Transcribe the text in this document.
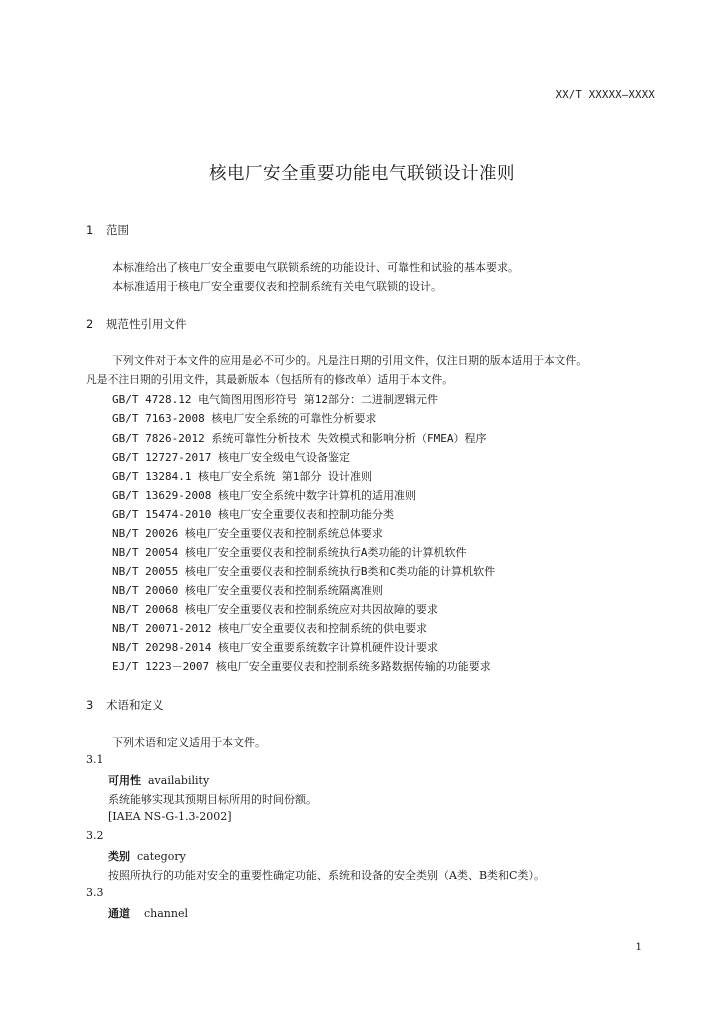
XX/T XXXXX—XXXX
核电厂安全重要功能电气联锁设计准则
1 范围
本标准给出了核电厂安全重要电气联锁系统的功能设计、可靠性和试验的基本要求。
本标准适用于核电厂安全重要仪表和控制系统有关电气联锁的设计。
2 规范性引用文件
下列文件对于本文件的应用是必不可少的。凡是注日期的引用文件，仅注日期的版本适用于本文件。
凡是不注日期的引用文件，其最新版本（包括所有的修改单）适用于本文件。
GB/T 4728.12 电气简图用图形符号 第12部分：二进制逻辑元件
GB/T 7163-2008 核电厂安全系统的可靠性分析要求
GB/T 7826-2012 系统可靠性分析技术 失效模式和影响分析（FMEA）程序
GB/T 12727-2017 核电厂安全级电气设备鉴定
GB/T 13284.1 核电厂安全系统 第1部分 设计准则
GB/T 13629-2008 核电厂安全系统中数字计算机的适用准则
GB/T 15474-2010 核电厂安全重要仪表和控制功能分类
NB/T 20026 核电厂安全重要仪表和控制系统总体要求
NB/T 20054 核电厂安全重要仪表和控制系统执行A类功能的计算机软件
NB/T 20055 核电厂安全重要仪表和控制系统执行B类和C类功能的计算机软件
NB/T 20060 核电厂安全重要仪表和控制系统隔离准则
NB/T 20068 核电厂安全重要仪表和控制系统应对共因故障的要求
NB/T 20071-2012 核电厂安全重要仪表和控制系统的供电要求
NB/T 20298-2014 核电厂安全重要系统数字计算机硬件设计要求
EJ/T 1223－2007 核电厂安全重要仪表和控制系统多路数据传输的功能要求
3 术语和定义
下列术语和定义适用于本文件。
3.1
可用性 availability
系统能够实现其预期目标所用的时间份额。
[IAEA NS-G-1.3-2002]
3.2
类别 category
按照所执行的功能对安全的重要性确定功能、系统和设备的安全类别（A类、B类和C类）。
3.3
通道 channel
1
